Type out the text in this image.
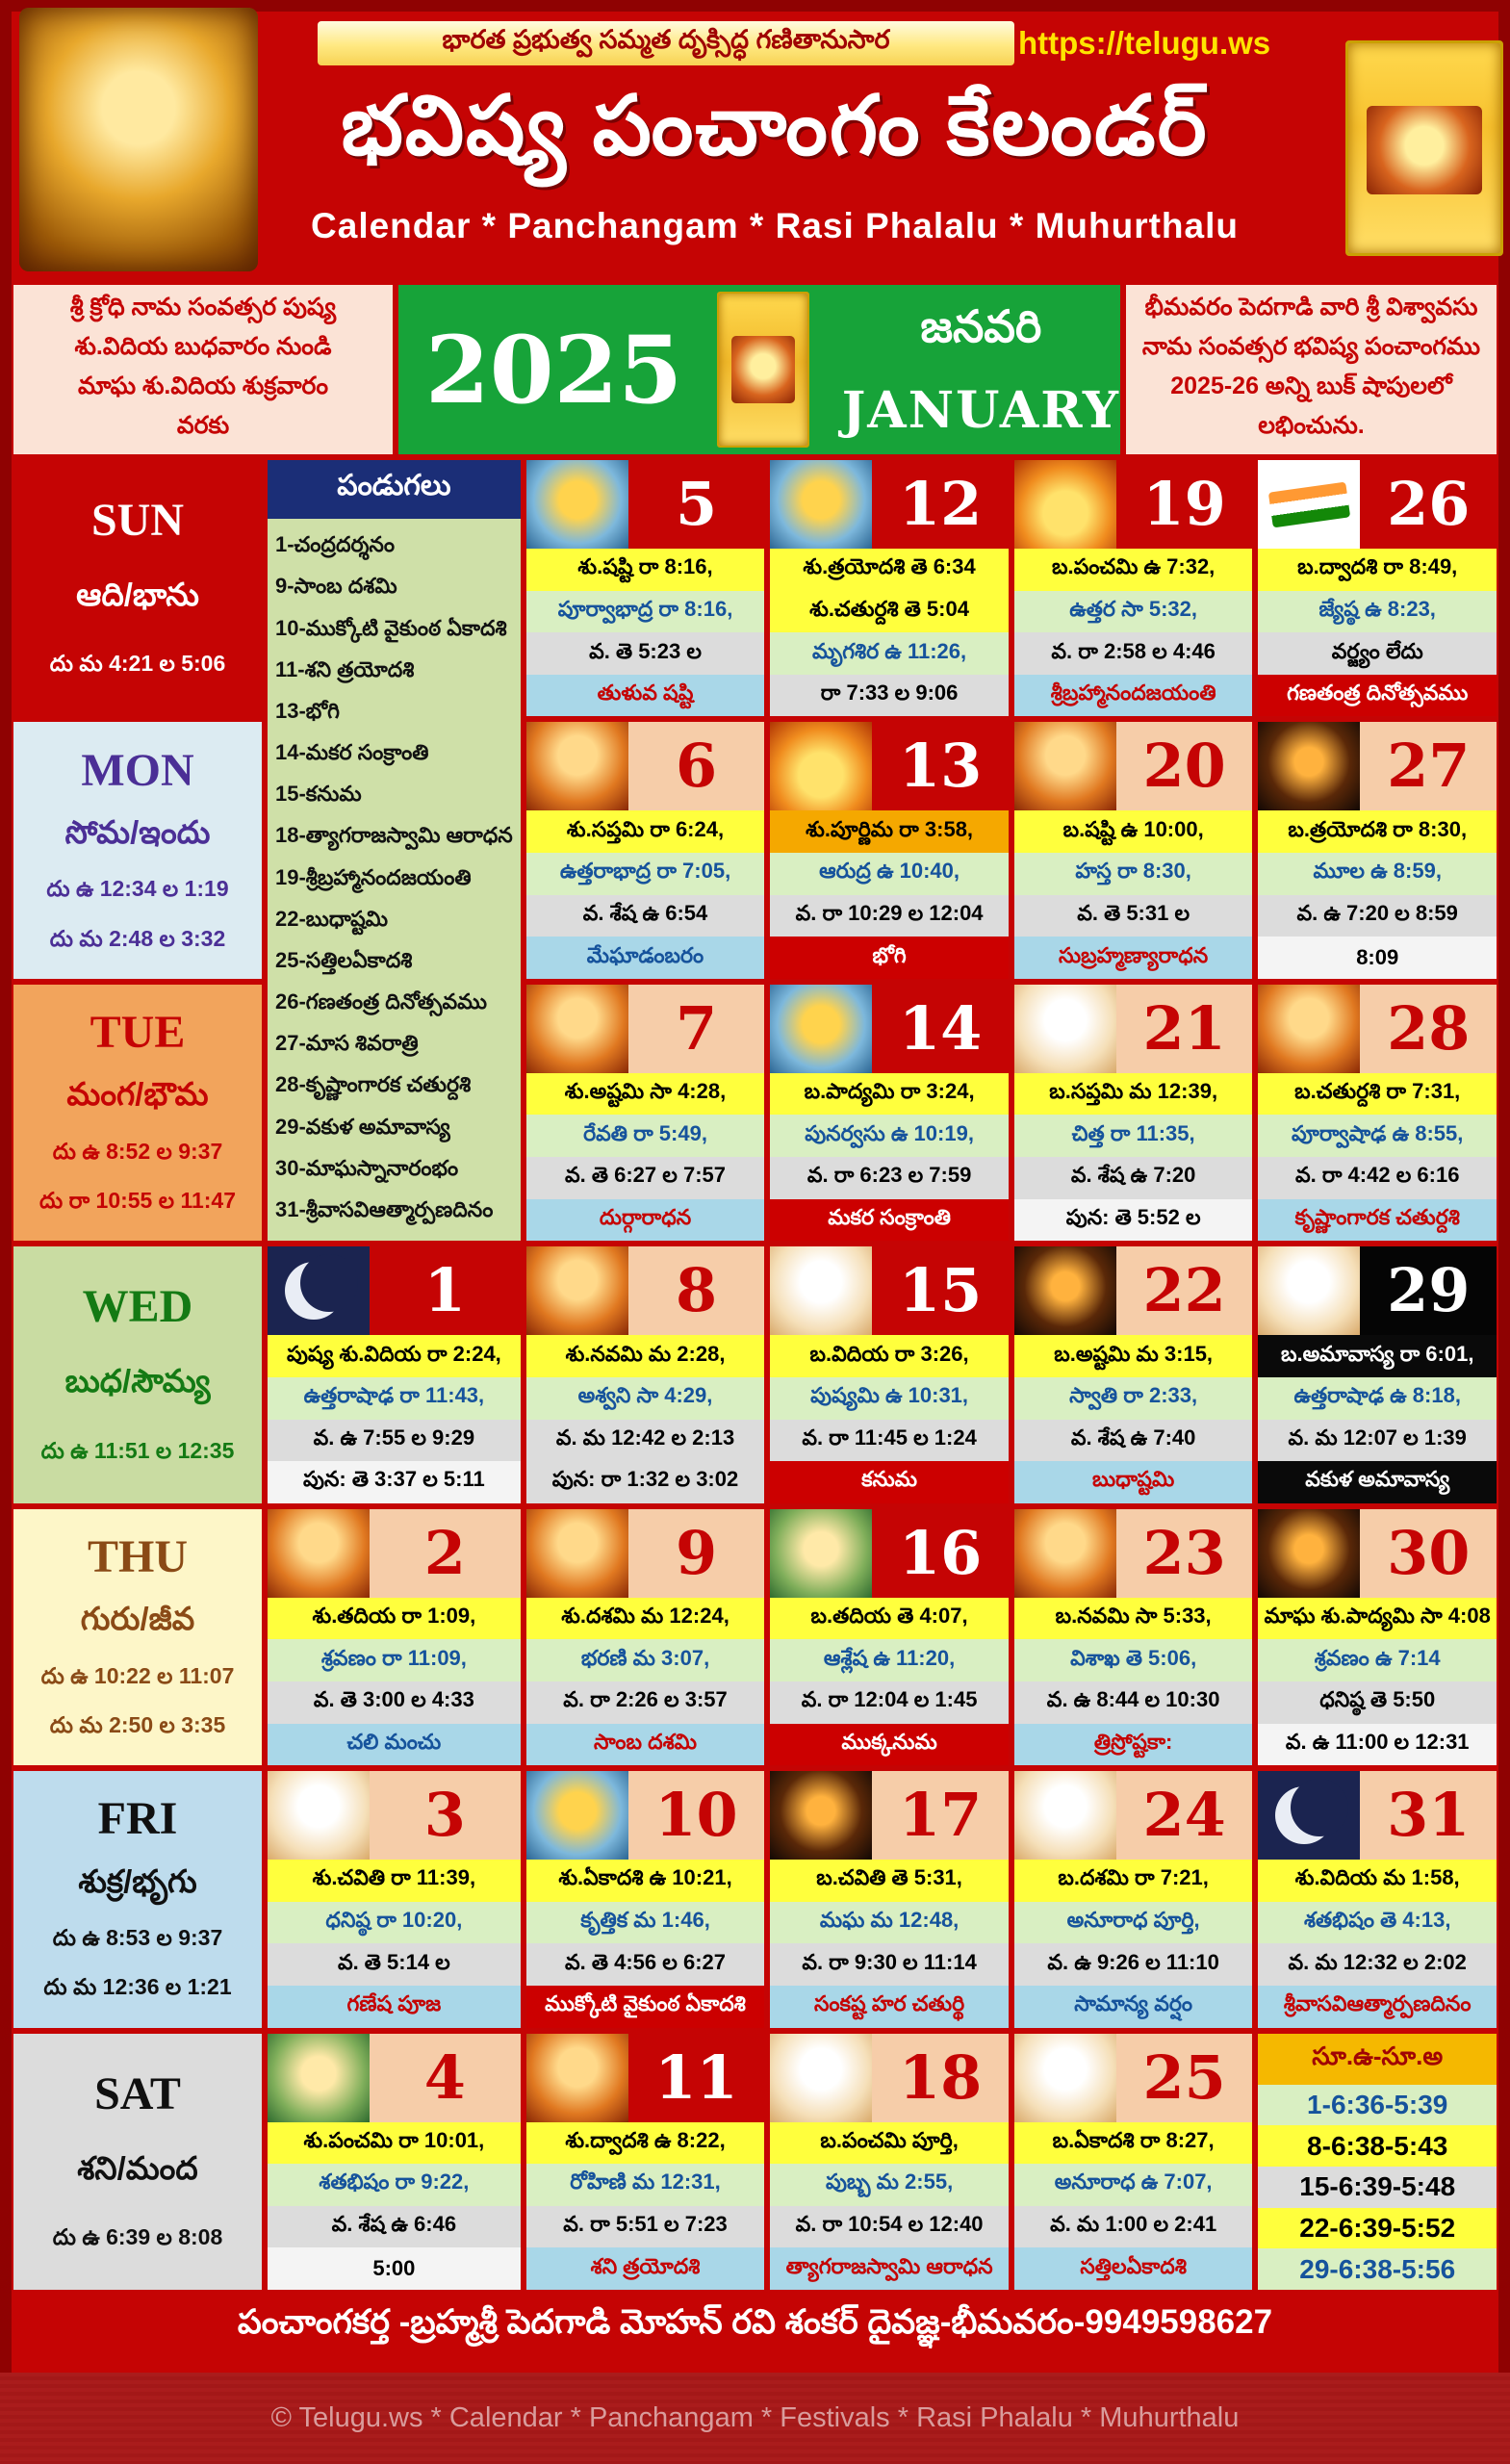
భారత ప్రభుత్వ సమ్మత దృక్సిద్ధ గణితానుసార	https://telugu.ws
భవిష్య పంచాంగం కేలండర్
Calendar * Panchangam * Rasi Phalalu * Muhurthalu
శ్రీ క్రోధి నామ సంవత్సర పుష్య
శు.విదియ బుధవారం నుండి
మాఘ శు.విదియ శుక్రవారం
వరకు
2025	జనవరి
JANUARY
భీమవరం పెదగాడి వారి శ్రీ విశ్వావసు
నామ సంవత్సర భవిష్య పంచాంగము
2025-26 అన్ని బుక్ షాపులలో
లభించును.
పండుగలు
1-చంద్రదర్శనం
9-సాంబ దశమి
10-ముక్కోటి వైకుంఠ ఏకాదశి
11-శని త్రయోదశి
13-భోగి
14-మకర సంక్రాంతి
15-కనుమ
18-త్యాగరాజస్వామి ఆరాధన
19-శ్రీబ్రహ్మానందజయంతి
22-బుధాష్టమి
25-సత్తిలఏకాదశి
26-గణతంత్ర దినోత్సవము
27-మాస శివరాత్రి
28-కృష్ణాంగారక చతుర్దశి
29-వకుళ అమావాస్య
30-మాఘస్నానారంభం
31-శ్రీవాసవిఆత్మార్పణదినం
సూ.ఉ-సూ.అ
1-6:36-5:39
8-6:38-5:43
15-6:39-5:48
22-6:39-5:52
29-6:38-5:56
SUN
ఆది/భాను
దు మ 4:21 ల 5:06
5
శు.షష్టి రా 8:16,
పూర్వాభాద్ర రా 8:16,
వ. తె 5:23 ల
తుళువ షష్టి
12
శు.త్రయోదశి తె 6:34
శు.చతుర్దశి తె 5:04
మృగశిర ఉ 11:26,
రా 7:33 ల 9:06
19
బ.పంచమి ఉ 7:32,
ఉత్తర సా 5:32,
వ. రా 2:58 ల 4:46
శ్రీబ్రహ్మానందజయంతి
26
బ.ద్వాదశి రా 8:49,
జ్యేష్ఠ ఉ 8:23,
వర్జ్యం లేదు
గణతంత్ర దినోత్సవము
MON
సోమ/ఇందు
దు ఉ 12:34 ల 1:19
దు మ 2:48 ల 3:32
6
శు.సప్తమి రా 6:24,
ఉత్తరాభాద్ర రా 7:05,
వ. శేష ఉ 6:54
మేఘాడంబరం
13
శు.పూర్ణిమ రా 3:58,
ఆరుద్ర ఉ 10:40,
వ. రా 10:29 ల 12:04
భోగి
20
బ.షష్టి ఉ 10:00,
హస్త రా 8:30,
వ. తె 5:31 ల
సుబ్రహ్మణ్యారాధన
27
బ.త్రయోదశి రా 8:30,
మూల ఉ 8:59,
వ. ఉ 7:20 ల 8:59
8:09
TUE
మంగ/భౌమ
దు ఉ 8:52 ల 9:37
దు రా 10:55 ల 11:47
7
శు.అష్టమి సా 4:28,
రేవతి రా 5:49,
వ. తె 6:27 ల 7:57
దుర్గారాధన
14
బ.పాద్యమి రా 3:24,
పునర్వసు ఉ 10:19,
వ. రా 6:23 ల 7:59
మకర సంక్రాంతి
21
బ.సప్తమి మ 12:39,
చిత్త రా 11:35,
వ. శేష ఉ 7:20
పున: తె 5:52 ల
28
బ.చతుర్దశి రా 7:31,
పూర్వాషాఢ ఉ 8:55,
వ. రా 4:42 ల 6:16
కృష్ణాంగారక చతుర్దశి
WED
బుధ/సౌమ్య
దు ఉ 11:51 ల 12:35
1
పుష్య శు.విదియ రా 2:24,
ఉత్తరాషాఢ రా 11:43,
వ. ఉ 7:55 ల 9:29
పున: తె 3:37 ల 5:11
8
శు.నవమి మ 2:28,
అశ్వని సా 4:29,
వ. మ 12:42 ల 2:13
పున: రా 1:32 ల 3:02
15
బ.విదియ రా 3:26,
పుష్యమి ఉ 10:31,
వ. రా 11:45 ల 1:24
కనుమ
22
బ.అష్టమి మ 3:15,
స్వాతి రా 2:33,
వ. శేష ఉ 7:40
బుధాష్టమి
29
బ.అమావాస్య రా 6:01,
ఉత్తరాషాఢ ఉ 8:18,
వ. మ 12:07 ల 1:39
వకుళ అమావాస్య
THU
గురు/జీవ
దు ఉ 10:22 ల 11:07
దు మ 2:50 ల 3:35
2
శు.తదియ రా 1:09,
శ్రవణం రా 11:09,
వ. తె 3:00 ల 4:33
చలి మంచు
9
శు.దశమి మ 12:24,
భరణి మ 3:07,
వ. రా 2:26 ల 3:57
సాంబ దశమి
16
బ.తదియ తె 4:07,
ఆశ్లేష ఉ 11:20,
వ. రా 12:04 ల 1:45
ముక్కనుమ
23
బ.నవమి సా 5:33,
విశాఖ తె 5:06,
వ. ఉ 8:44 ల 10:30
త్రిస్రోష్టకా:
30
మాఘ శు.పాద్యమి సా 4:08
శ్రవణం ఉ 7:14
ధనిష్ఠ తె 5:50
వ. ఉ 11:00 ల 12:31
FRI
శుక్ర/భృగు
దు ఉ 8:53 ల 9:37
దు మ 12:36 ల 1:21
3
శు.చవితి రా 11:39,
ధనిష్ఠ రా 10:20,
వ. తె 5:14 ల
గణేష పూజ
10
శు.ఏకాదశి ఉ 10:21,
కృత్తిక మ 1:46,
వ. తె 4:56 ల 6:27
ముక్కోటి వైకుంఠ ఏకాదశి
17
బ.చవితి తె 5:31,
మఘ మ 12:48,
వ. రా 9:30 ల 11:14
సంకష్ట హర చతుర్థి
24
బ.దశమి రా 7:21,
అనూరాధ పూర్తి,
వ. ఉ 9:26 ల 11:10
సామాన్య వర్షం
31
శు.విదియ మ 1:58,
శతభిషం తె 4:13,
వ. మ 12:32 ల 2:02
శ్రీవాసవిఆత్మార్పణదినం
SAT
శని/మంద
దు ఉ 6:39 ల 8:08
4
శు.పంచమి రా 10:01,
శతభిషం రా 9:22,
వ. శేష ఉ 6:46
5:00
11
శు.ద్వాదశి ఉ 8:22,
రోహిణి మ 12:31,
వ. రా 5:51 ల 7:23
శని త్రయోదశి
18
బ.పంచమి పూర్తి,
పుబ్బ మ 2:55,
వ. రా 10:54 ల 12:40
త్యాగరాజస్వామి ఆరాధన
25
బ.ఏకాదశి రా 8:27,
అనూరాధ ఉ 7:07,
వ. మ 1:00 ల 2:41
సత్తిలఏకాదశి
పంచాంగకర్త -బ్రహ్మశ్రీ పెదగాడి మోహన్ రవి శంకర్ దైవజ్ఞ-భీమవరం-9949598627
© Telugu.ws * Calendar * Panchangam * Festivals * Rasi Phalalu * Muhurthalu
